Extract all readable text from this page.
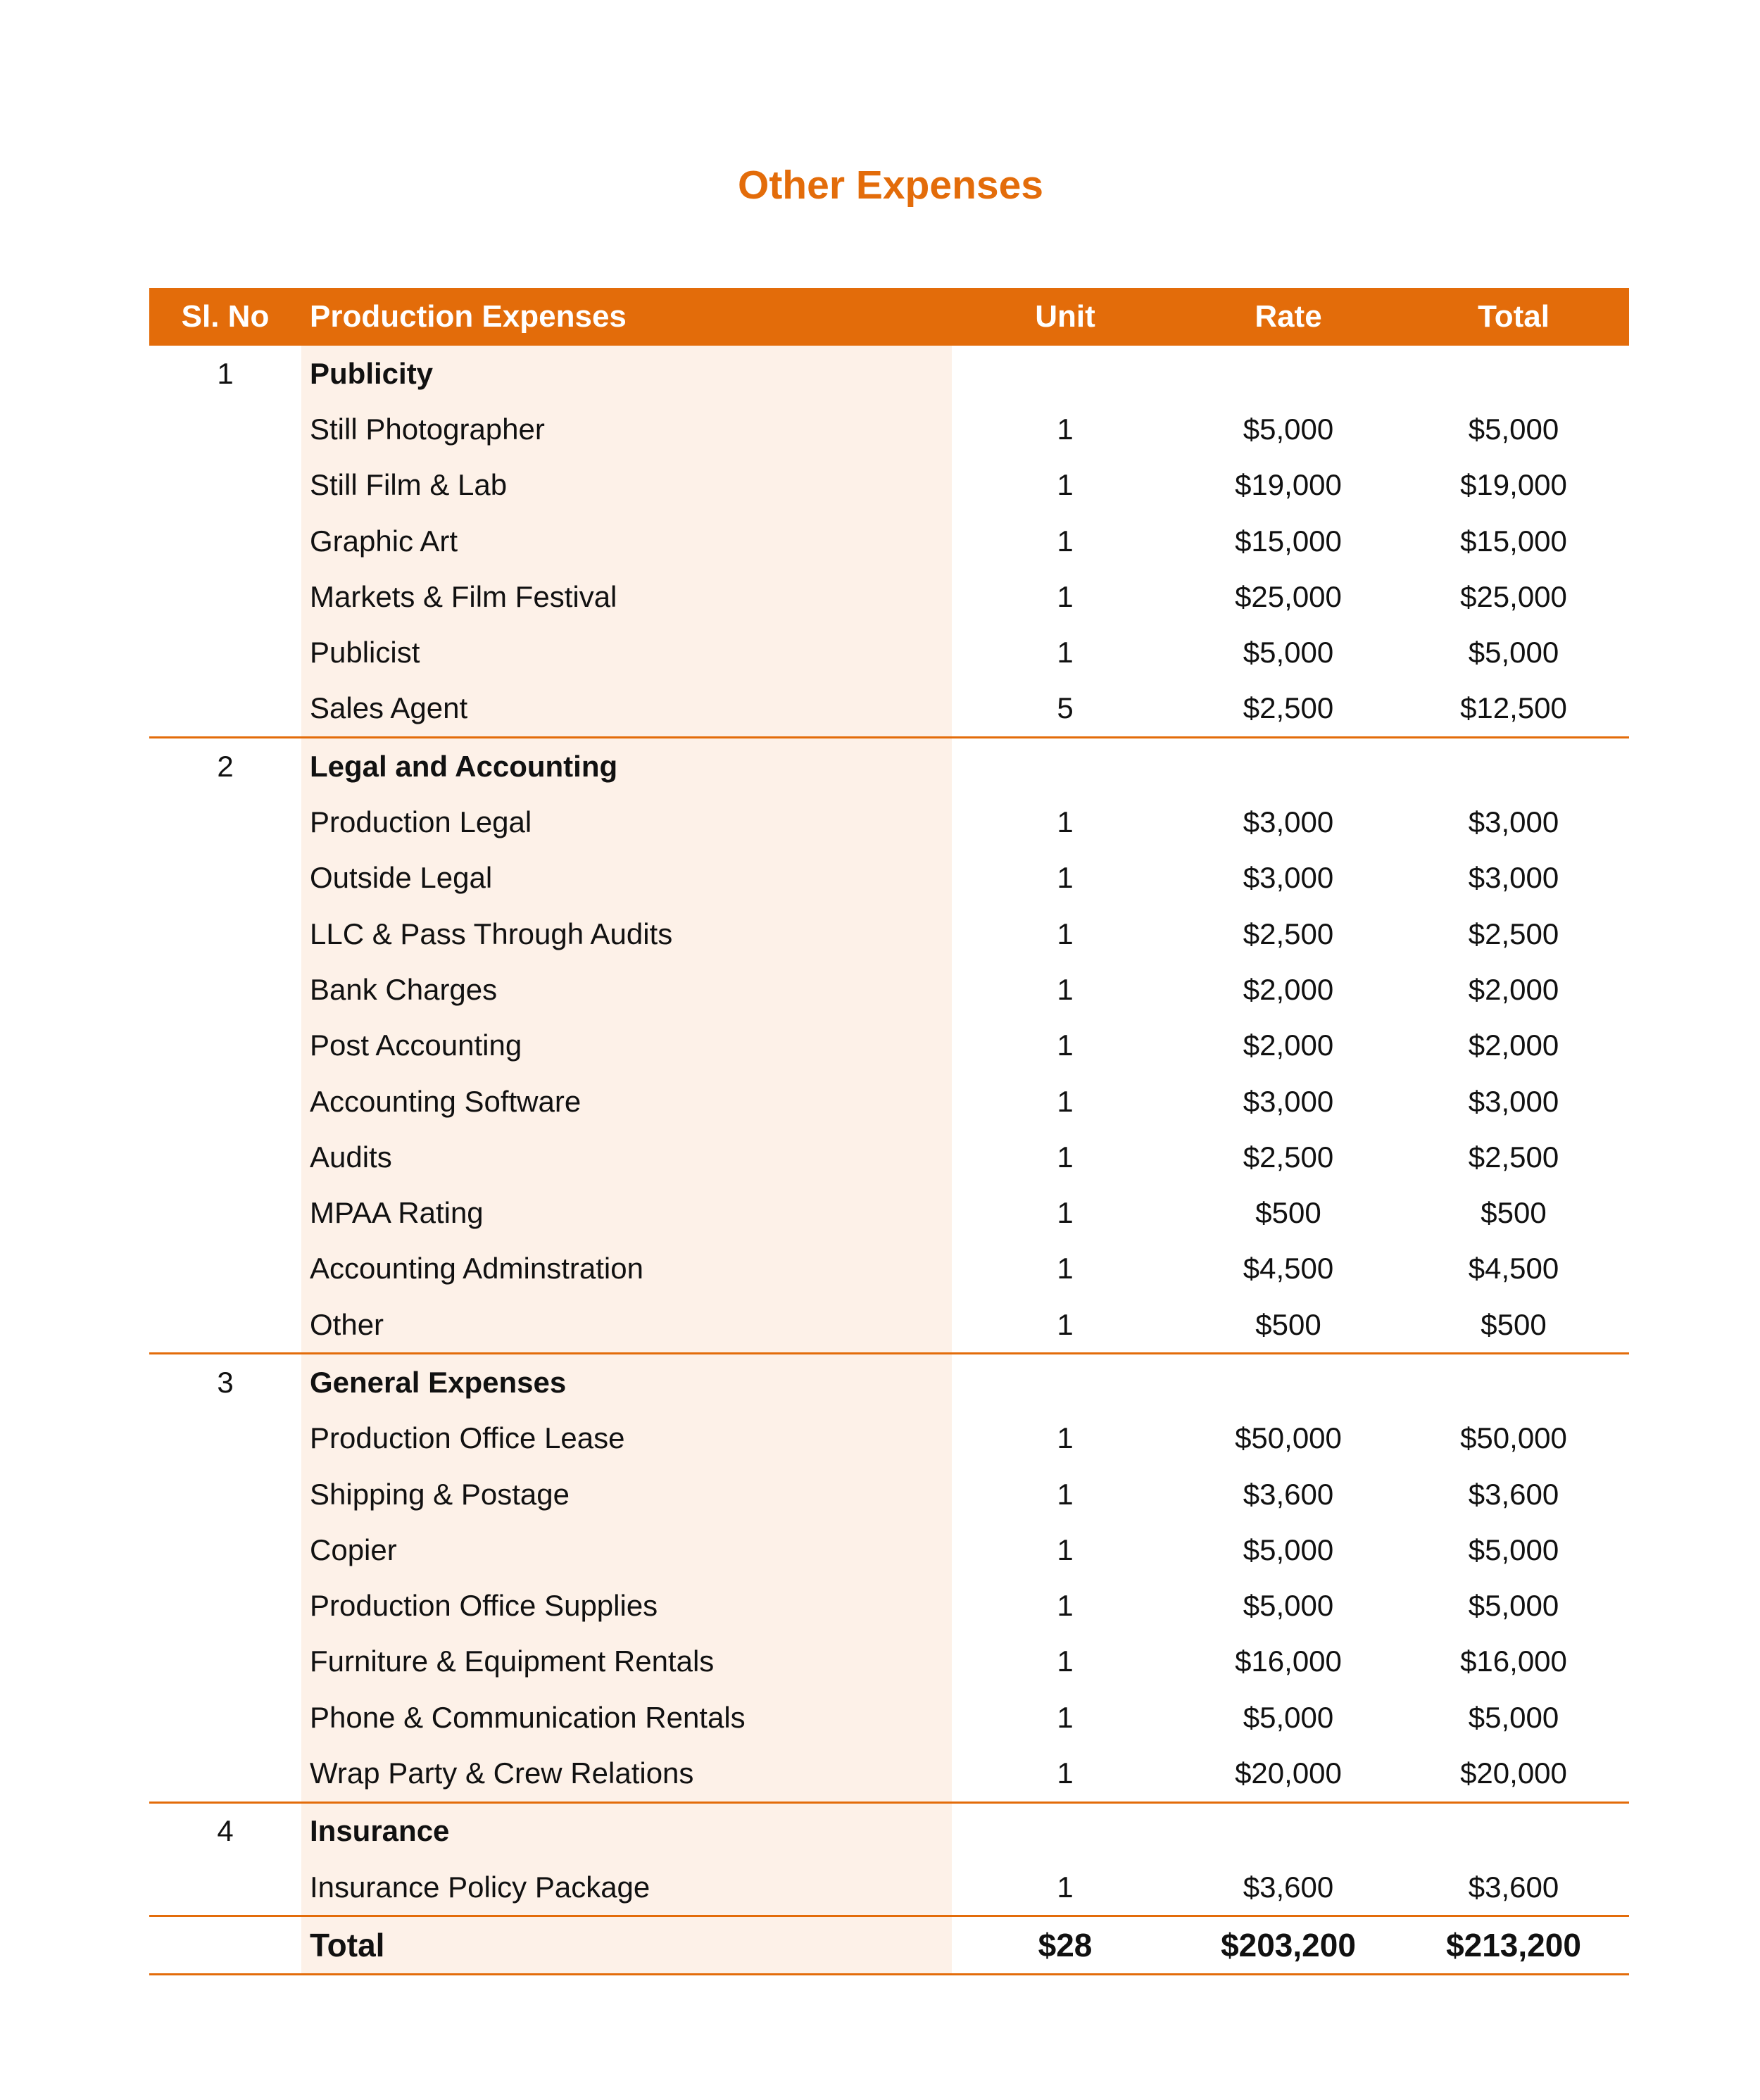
Other Expenses
Sl. No	Production Expenses	Unit	Rate	Total
1	Publicity			
	Still Photographer	1	$5,000	$5,000
	Still Film & Lab	1	$19,000	$19,000
	Graphic Art	1	$15,000	$15,000
	Markets & Film Festival	1	$25,000	$25,000
	Publicist	1	$5,000	$5,000
	Sales Agent	5	$2,500	$12,500
2	Legal and Accounting			
	Production Legal	1	$3,000	$3,000
	Outside Legal	1	$3,000	$3,000
	LLC & Pass Through Audits	1	$2,500	$2,500
	Bank Charges	1	$2,000	$2,000
	Post Accounting	1	$2,000	$2,000
	Accounting Software	1	$3,000	$3,000
	Audits	1	$2,500	$2,500
	MPAA Rating	1	$500	$500
	Accounting Adminstration	1	$4,500	$4,500
	Other	1	$500	$500
3	General Expenses			
	Production Office Lease	1	$50,000	$50,000
	Shipping & Postage	1	$3,600	$3,600
	Copier	1	$5,000	$5,000
	Production Office Supplies	1	$5,000	$5,000
	Furniture & Equipment Rentals	1	$16,000	$16,000
	Phone & Communication Rentals	1	$5,000	$5,000
	Wrap Party & Crew Relations	1	$20,000	$20,000
4	Insurance			
	Insurance Policy Package	1	$3,600	$3,600
	Total	$28	$203,200	$213,200
